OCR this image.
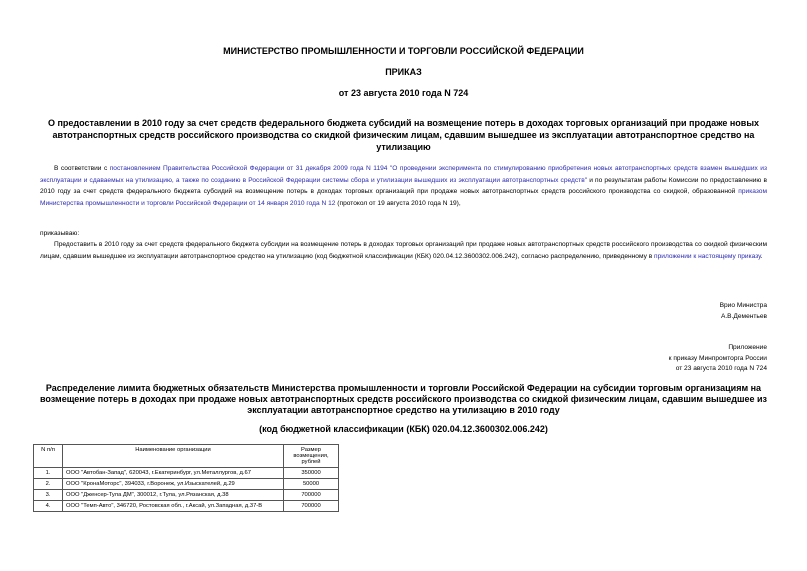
МИНИСТЕРСТВО ПРОМЫШЛЕННОСТИ И ТОРГОВЛИ РОССИЙСКОЙ ФЕДЕРАЦИИ
ПРИКАЗ
от 23 августа 2010 года N 724
О предоставлении в 2010 году за счет средств федерального бюджета субсидий на возмещение потерь в доходах торговых организаций при продаже новых автотранспортных средств российского производства со скидкой физическим лицам, сдавшим вышедшее из эксплуатации автотранспортное средство на утилизацию
В соответствии с постановлением Правительства Российской Федерации от 31 декабря 2009 года N 1194 "О проведении эксперимента по стимулированию приобретения новых автотранспортных средств взамен вышедших из эксплуатации и сдаваемых на утилизацию, а также по созданию в Российской Федерации системы сбора и утилизации вышедших из эксплуатации автотранспортных средств" и по результатам работы Комиссии по предоставлению в 2010 году за счет средств федерального бюджета субсидий на возмещение потерь в доходах торговых организаций при продаже новых автотранспортных средств российского производства со скидкой, образованной приказом Министерства промышленности и торговли Российской Федерации от 14 января 2010 года N 12 (протокол от 19 августа 2010 года N 19),
приказываю:
Предоставить в 2010 году за счет средств федерального бюджета субсидии на возмещение потерь в доходах торговых организаций при продаже новых автотранспортных средств российского производства со скидкой физическим лицам, сдавшим вышедшее из эксплуатации автотранспортное средство на утилизацию (код бюджетной классификации (КБК) 020.04.12.3600302.006.242), согласно распределению, приведенному в приложении к настоящему приказу.
Врио Министра
А.В.Дементьев
Приложение
к приказу Минпромторга России
от 23 августа 2010 года N 724
Распределение лимита бюджетных обязательств Министерства промышленности и торговли Российской Федерации на субсидии торговым организациям на возмещение потерь в доходах при продаже новых автотранспортных средств российского производства со скидкой физическим лицам, сдавшим вышедшее из эксплуатации автотранспортное средство на утилизацию в 2010 году
(код бюджетной классификации (КБК) 020.04.12.3600302.006.242)
N п/п	Наименование организации	Размер возмещения, рублей
1.	ООО "Автобан-Запад", 620043, г.Екатеринбург, ул.Металлургов, д.67	350000
2.	ООО "КронаМоторс", 394033, г.Воронеж, ул.Изыскателей, д.29	50000
3.	ООО "Дженсер-Тула ДМ", 300012, г.Тула, ул.Рязанская, д.38	700000
4.	ООО "Темп-Авто", 346720, Ростовская обл., г.Аксай, ул.Западная, д.37-В	700000
